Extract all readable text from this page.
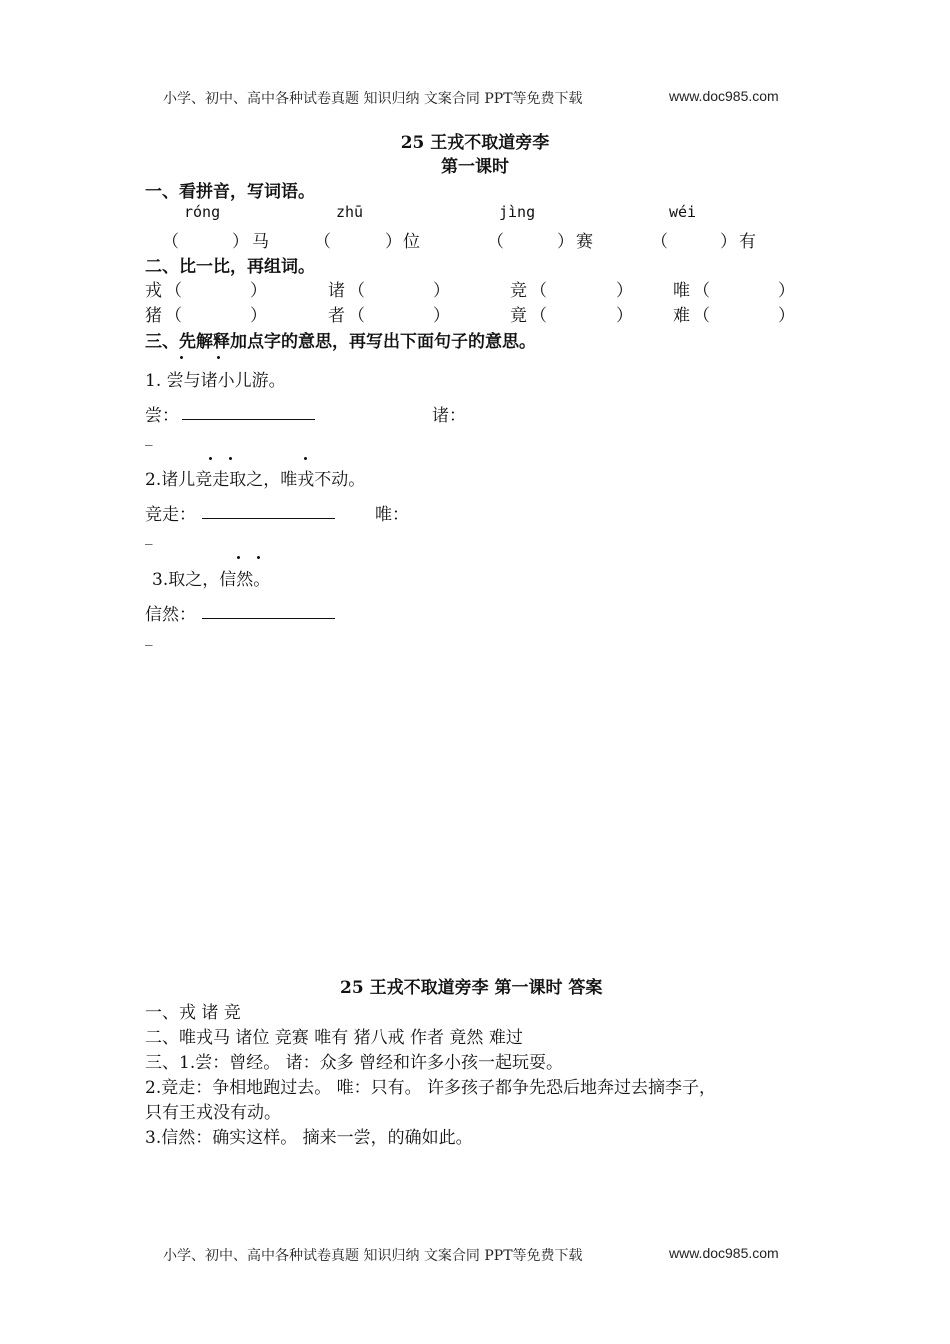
小学、初中、高中各种试卷真题 知识归纳 文案合同 PPT等免费下载	www.doc985.com
25 王戎不取道旁李
第一课时
一、看拼音，写词语。
róng	zhū	jìng	wéi
（	） 马	（	） 位	（	） 赛	（	） 有
二、比一比，再组词。
戎 （	）	诸 （	）	竞 （	） 唯 （	）
猪 （	）	者 （	）	竟 （	） 难 （	）
三、先解释加点字的意思，再写出下面句子的意思。
1. 尝与诸小儿游。
尝：	诸：
_
2.诸儿竞走取之，唯戎不动。
竞走：	唯：
_
3.取之，信然。
信然：
_
25 王戎不取道旁李 第一课时 答案
一、戎 诸 竞
二、唯戎马 诸位 竞赛 唯有 猪八戒 作者 竟然 难过
三、1.尝：曾经。 诸：众多 曾经和许多小孩一起玩耍。
2.竞走：争相地跑过去。 唯：只有。 许多孩子都争先恐后地奔过去摘李子，
只有王戎没有动。
3.信然：确实这样。 摘来一尝，的确如此。
小学、初中、高中各种试卷真题 知识归纳 文案合同 PPT等免费下载	www.doc985.com
